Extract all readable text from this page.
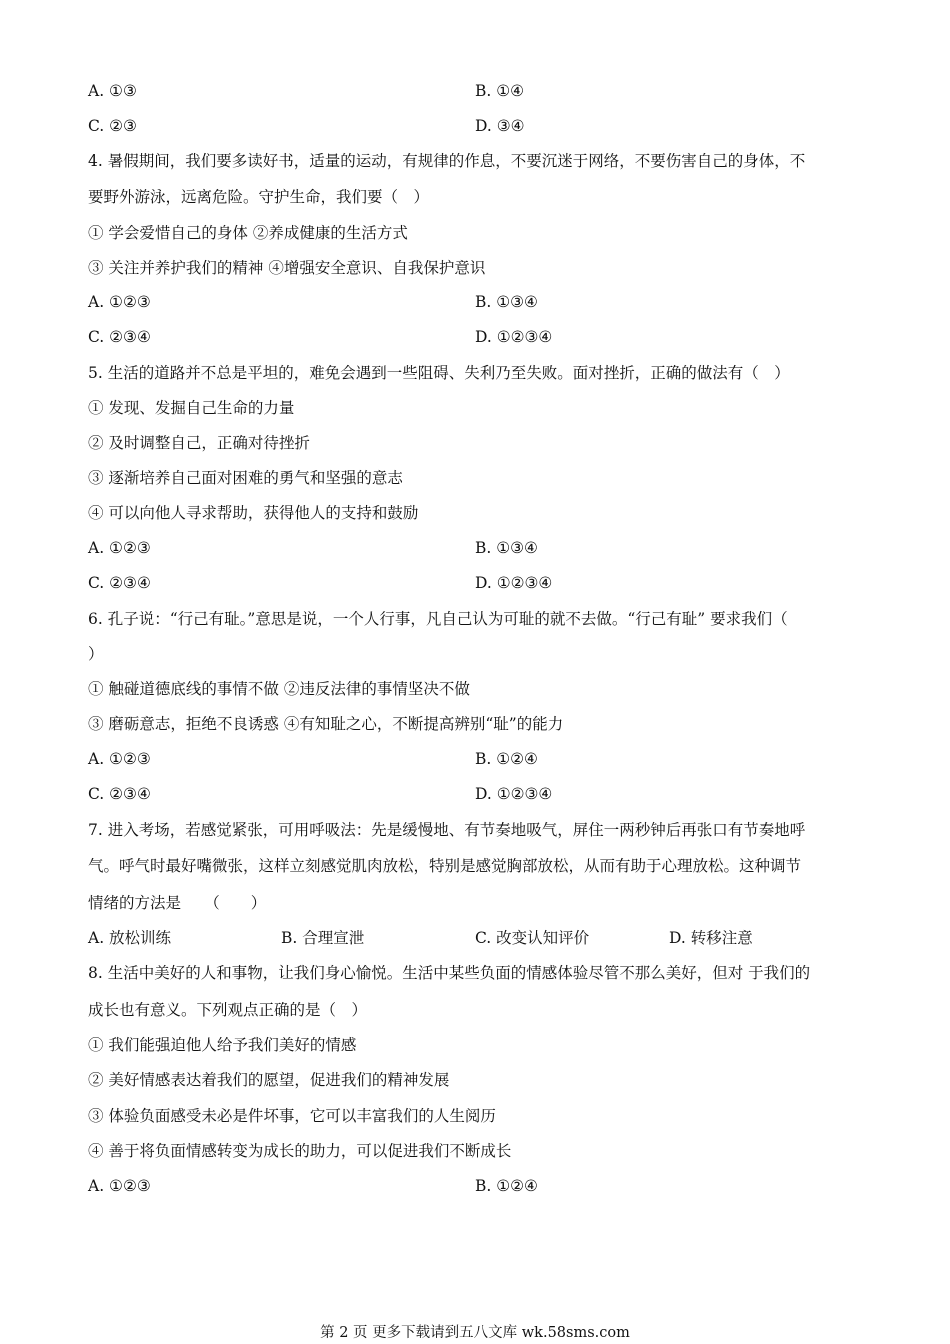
A. ①③	B. ①④
C. ②③	D. ③④
4. 暑假期间，我们要多读好书，适量的运动，有规律的作息，不要沉迷于网络，不要伤害自己的身体，不
要野外游泳，远离危险。守护生命，我们要（　）
① 学会爱惜自己的身体 ②养成健康的生活方式
③ 关注并养护我们的精神 ④增强安全意识、自我保护意识
A. ①②③	B. ①③④
C. ②③④	D. ①②③④
5. 生活的道路并不总是平坦的，难免会遇到一些阻碍、失利乃至失败。面对挫折，正确的做法有（　）
① 发现、发掘自己生命的力量
② 及时调整自己，正确对待挫折
③ 逐渐培养自己面对困难的勇气和坚强的意志
④ 可以向他人寻求帮助，获得他人的支持和鼓励
A. ①②③	B. ①③④
C. ②③④	D. ①②③④
6. 孔子说：“行己有耻。”意思是说，一个人行事，凡自己认为可耻的就不去做。“行己有耻” 要求我们（
）
① 触碰道德底线的事情不做 ②违反法律的事情坚决不做
③ 磨砺意志，拒绝不良诱惑 ④有知耻之心，不断提高辨别“耻”的能力
A. ①②③	B. ①②④
C. ②③④	D. ①②③④
7. 进入考场，若感觉紧张，可用呼吸法：先是缓慢地、有节奏地吸气，屏住一两秒钟后再张口有节奏地呼
气。呼气时最好嘴微张，这样立刻感觉肌肉放松，特别是感觉胸部放松，从而有助于心理放松。这种调节
情绪的方法是　　（　　）
A. 放松训练	B. 合理宣泄	C. 改变认知评价	D. 转移注意
8. 生活中美好的人和事物，让我们身心愉悦。生活中某些负面的情感体验尽管不那么美好，但对 于我们的
成长也有意义。下列观点正确的是（　）
① 我们能强迫他人给予我们美好的情感
② 美好情感表达着我们的愿望，促进我们的精神发展
③ 体验负面感受未必是件坏事，它可以丰富我们的人生阅历
④ 善于将负面情感转变为成长的助力，可以促进我们不断成长
A. ①②③	B. ①②④
第 2 页 更多下载请到五八文库 wk.58sms.com
